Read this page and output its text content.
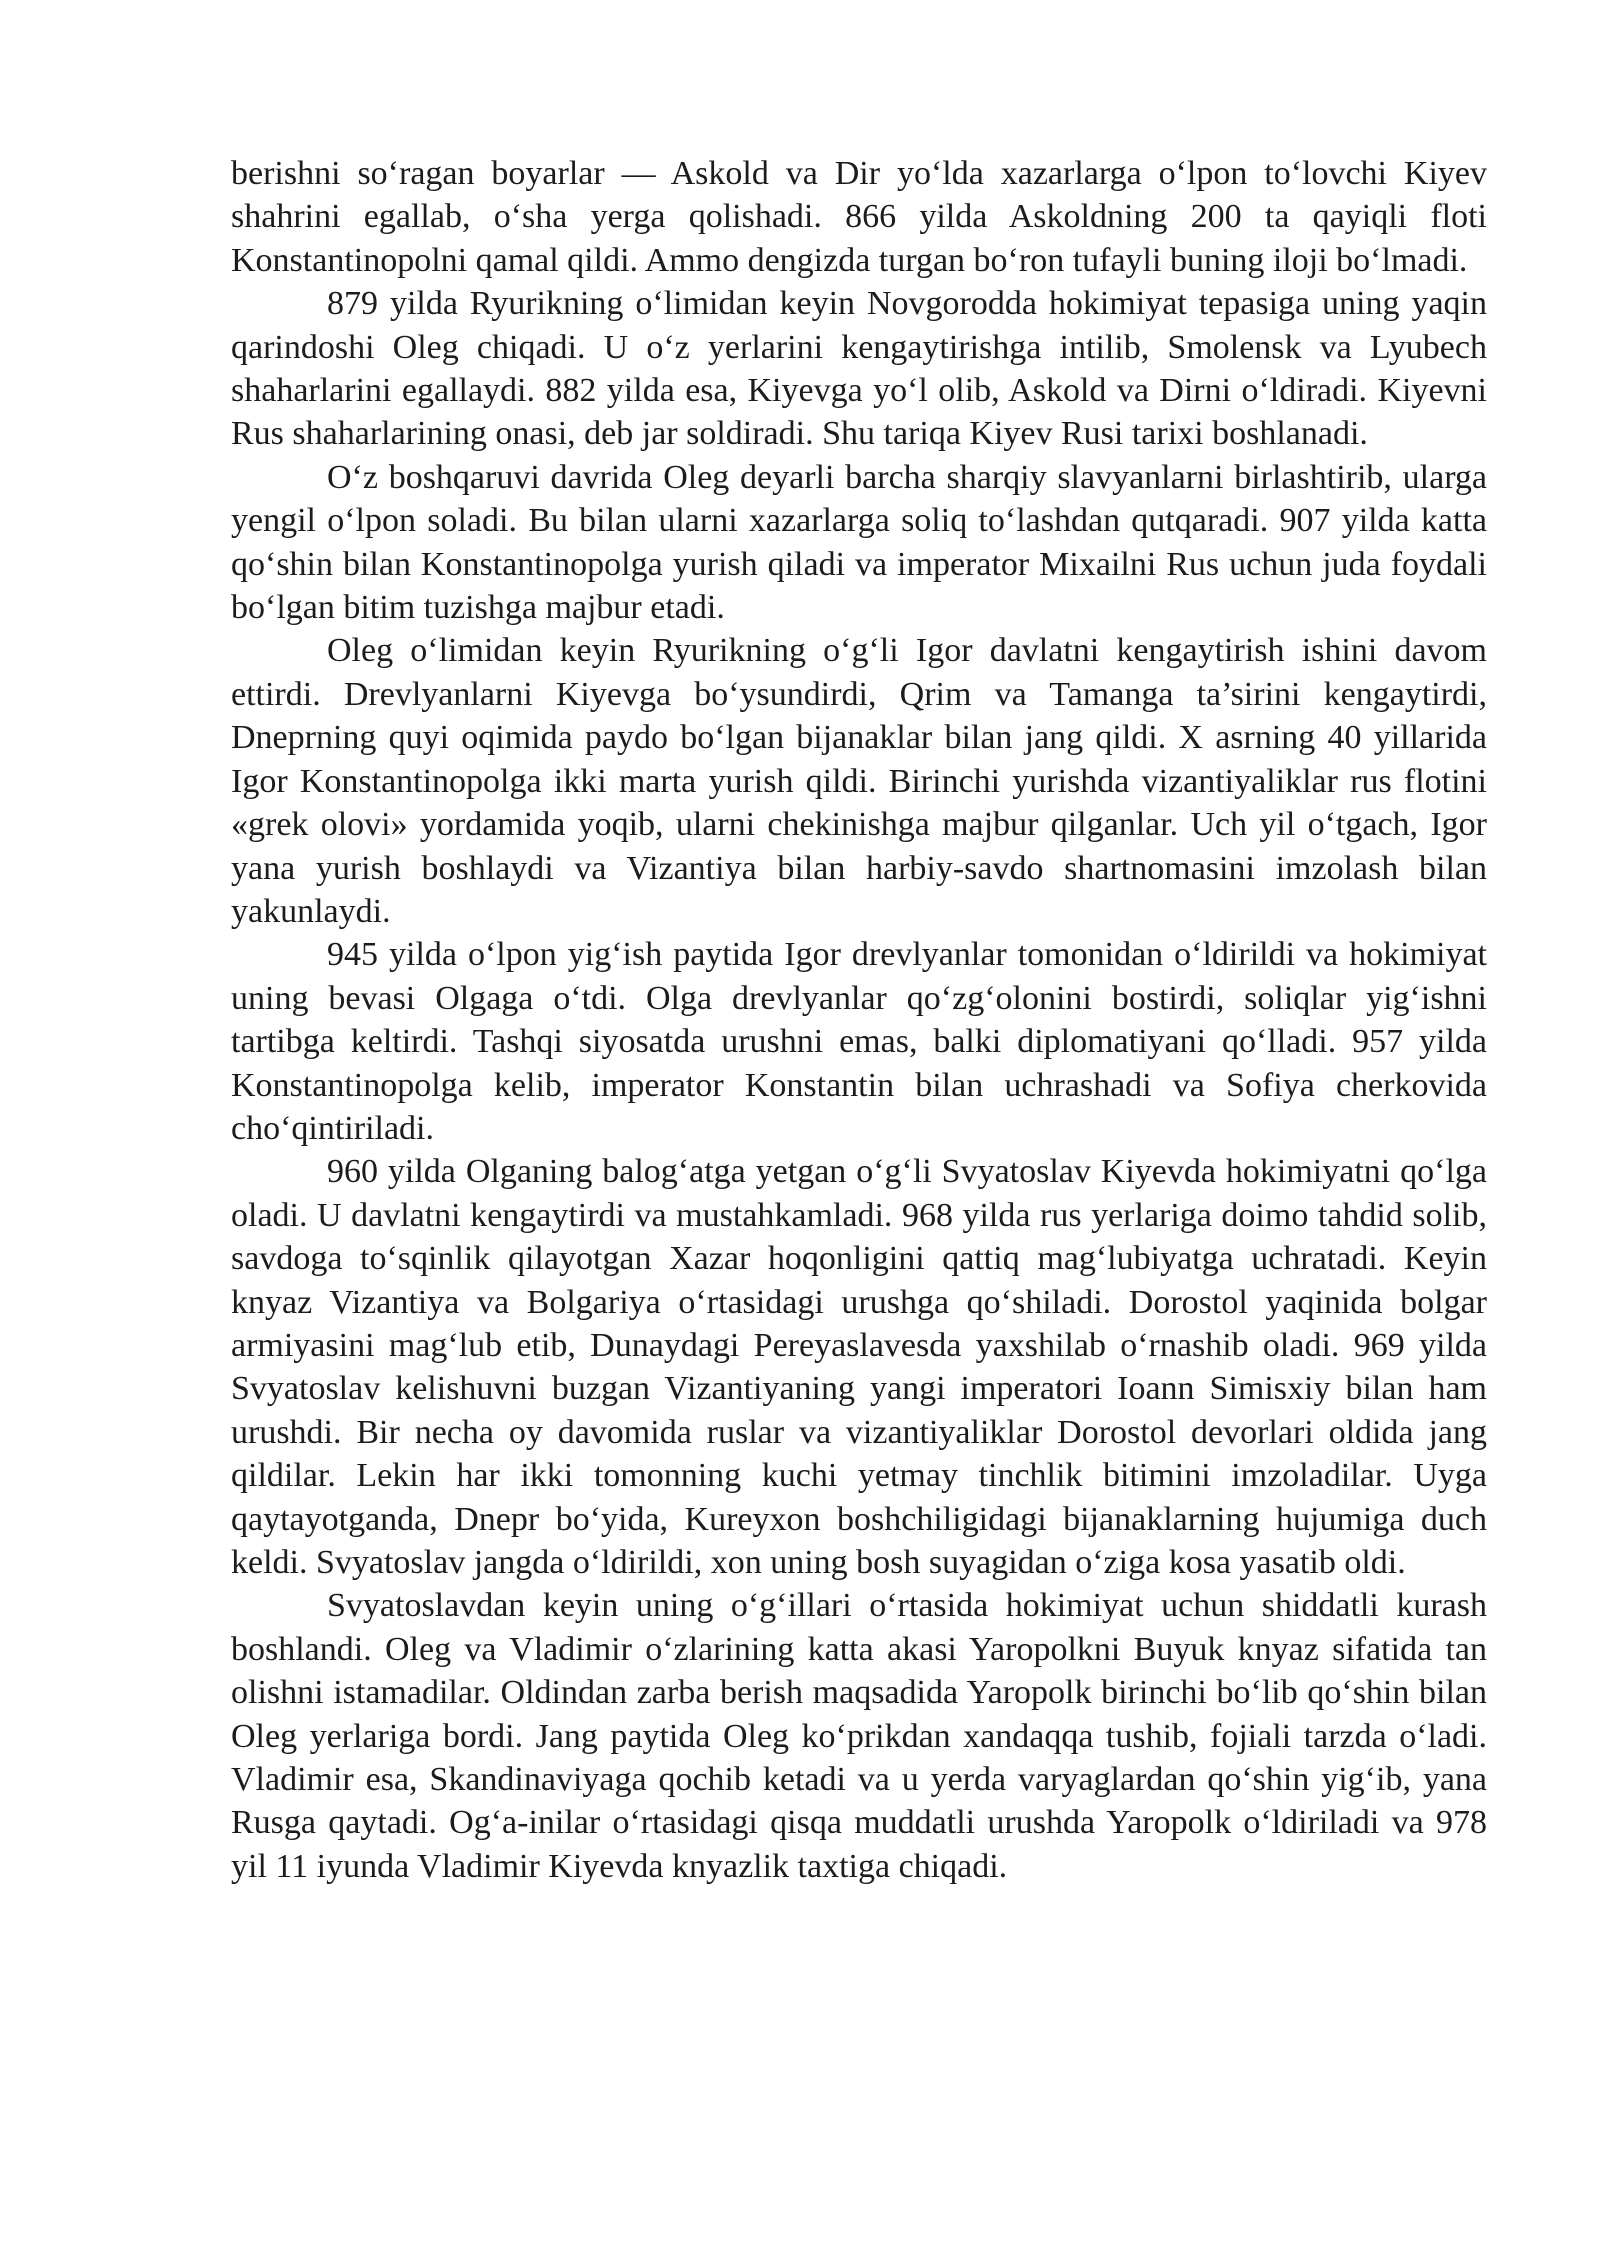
berishni so‘ragan boyarlar — Askold va Dir yo‘lda xazarlarga o‘lpon to‘lovchi Kiyev shahrini egallab, o‘sha yerga qolishadi. 866 yilda Askoldning 200 ta qayiqli floti Konstantinopolni qamal qildi. Ammo dengizda turgan bo‘ron tufayli buning iloji bo‘lmadi.

879 yilda Ryurikning o‘limidan keyin Novgorodda hokimiyat tepasiga uning yaqin qarindoshi Oleg chiqadi. U o‘z yerlarini kengaytirishga intilib, Smolensk va Lyubech shaharlarini egallaydi. 882 yilda esa, Kiyevga yo‘l olib, Askold va Dirni o‘ldiradi. Kiyevni Rus shaharlarining onasi, deb jar soldiradi. Shu tariqa Kiyev Rusi tarixi boshlanadi.

O‘z boshqaruvi davrida Oleg deyarli barcha sharqiy slavyanlarni birlashtirib, ularga yengil o‘lpon soladi. Bu bilan ularni xazarlarga soliq to‘lashdan qutqaradi. 907 yilda katta qo‘shin bilan Konstantinopolga yurish qiladi va imperator Mixailni Rus uchun juda foydali bo‘lgan bitim tuzishga majbur etadi.

Oleg o‘limidan keyin Ryurikning o‘g‘li Igor davlatni kengaytirish ishini davom ettirdi. Drevlyanlarni Kiyevga bo‘ysundirdi, Qrim va Tamanga ta’sirini kengaytirdi, Dneprning quyi oqimida paydo bo‘lgan bijanaklar bilan jang qildi. X asrning 40 yillarida Igor Konstantinopolga ikki marta yurish qildi. Birinchi yurishda vizantiyaliklar rus flotini «grek olovi» yordamida yoqib, ularni chekinishga majbur qilganlar. Uch yil o‘tgach, Igor yana yurish boshlaydi va Vizantiya bilan harbiy-savdo shartnomasini imzolash bilan yakunlaydi.

945 yilda o‘lpon yig‘ish paytida Igor drevlyanlar tomonidan o‘ldirildi va hokimiyat uning bevasi Olgaga o‘tdi. Olga drevlyanlar qo‘zg‘olonini bostirdi, soliqlar yig‘ishni tartibga keltirdi. Tashqi siyosatda urushni emas, balki diplomatiyani qo‘lladi. 957 yilda Konstantinopolga kelib, imperator Konstantin bilan uchrashadi va Sofiya cherkovida cho‘qintiriladi.

960 yilda Olganing balog‘atga yetgan o‘g‘li Svyatoslav Kiyevda hokimiyatni qo‘lga oladi. U davlatni kengaytirdi va mustahkamladi. 968 yilda rus yerlariga doimo tahdid solib, savdoga to‘sqinlik qilayotgan Xazar hoqonligini qattiq mag‘lubiyatga uchratadi. Keyin knyaz Vizantiya va Bolgariya o‘rtasidagi urushga qo‘shiladi. Dorostol yaqinida bolgar armiyasini mag‘lub etib, Dunaydagi Pereyaslavesda yaxshilab o‘rnashib oladi. 969 yilda Svyatoslav kelishuvni buzgan Vizantiyaning yangi imperatori Ioann Simisxiy bilan ham urushdi. Bir necha oy davomida ruslar va vizantiyaliklar Dorostol devorlari oldida jang qildilar. Lekin har ikki tomonning kuchi yetmay tinchlik bitimini imzoladilar. Uyga qaytayotganda, Dnepr bo‘yida, Kureyxon boshchiligidagi bijanaklarning hujumiga duch keldi. Svyatoslav jangda o‘ldirildi, xon uning bosh suyagidan o‘ziga kosa yasatib oldi.

Svyatoslavdan keyin uning o‘g‘illari o‘rtasida hokimiyat uchun shiddatli kurash boshlandi. Oleg va Vladimir o‘zlarining katta akasi Yaropolkni Buyuk knyaz sifatida tan olishni istamadilar. Oldindan zarba berish maqsadida Yaropolk birinchi bo‘lib qo‘shin bilan Oleg yerlariga bordi. Jang paytida Oleg ko‘prikdan xandaqqa tushib, fojiali tarzda o‘ladi. Vladimir esa, Skandinaviyaga qochib ketadi va u yerda varyaglardan qo‘shin yig‘ib, yana Rusga qaytadi. Og‘a-inilar o‘rtasidagi qisqa muddatli urushda Yaropolk o‘ldiriladi va 978 yil 11 iyunda Vladimir Kiyevda knyazlik taxtiga chiqadi.
